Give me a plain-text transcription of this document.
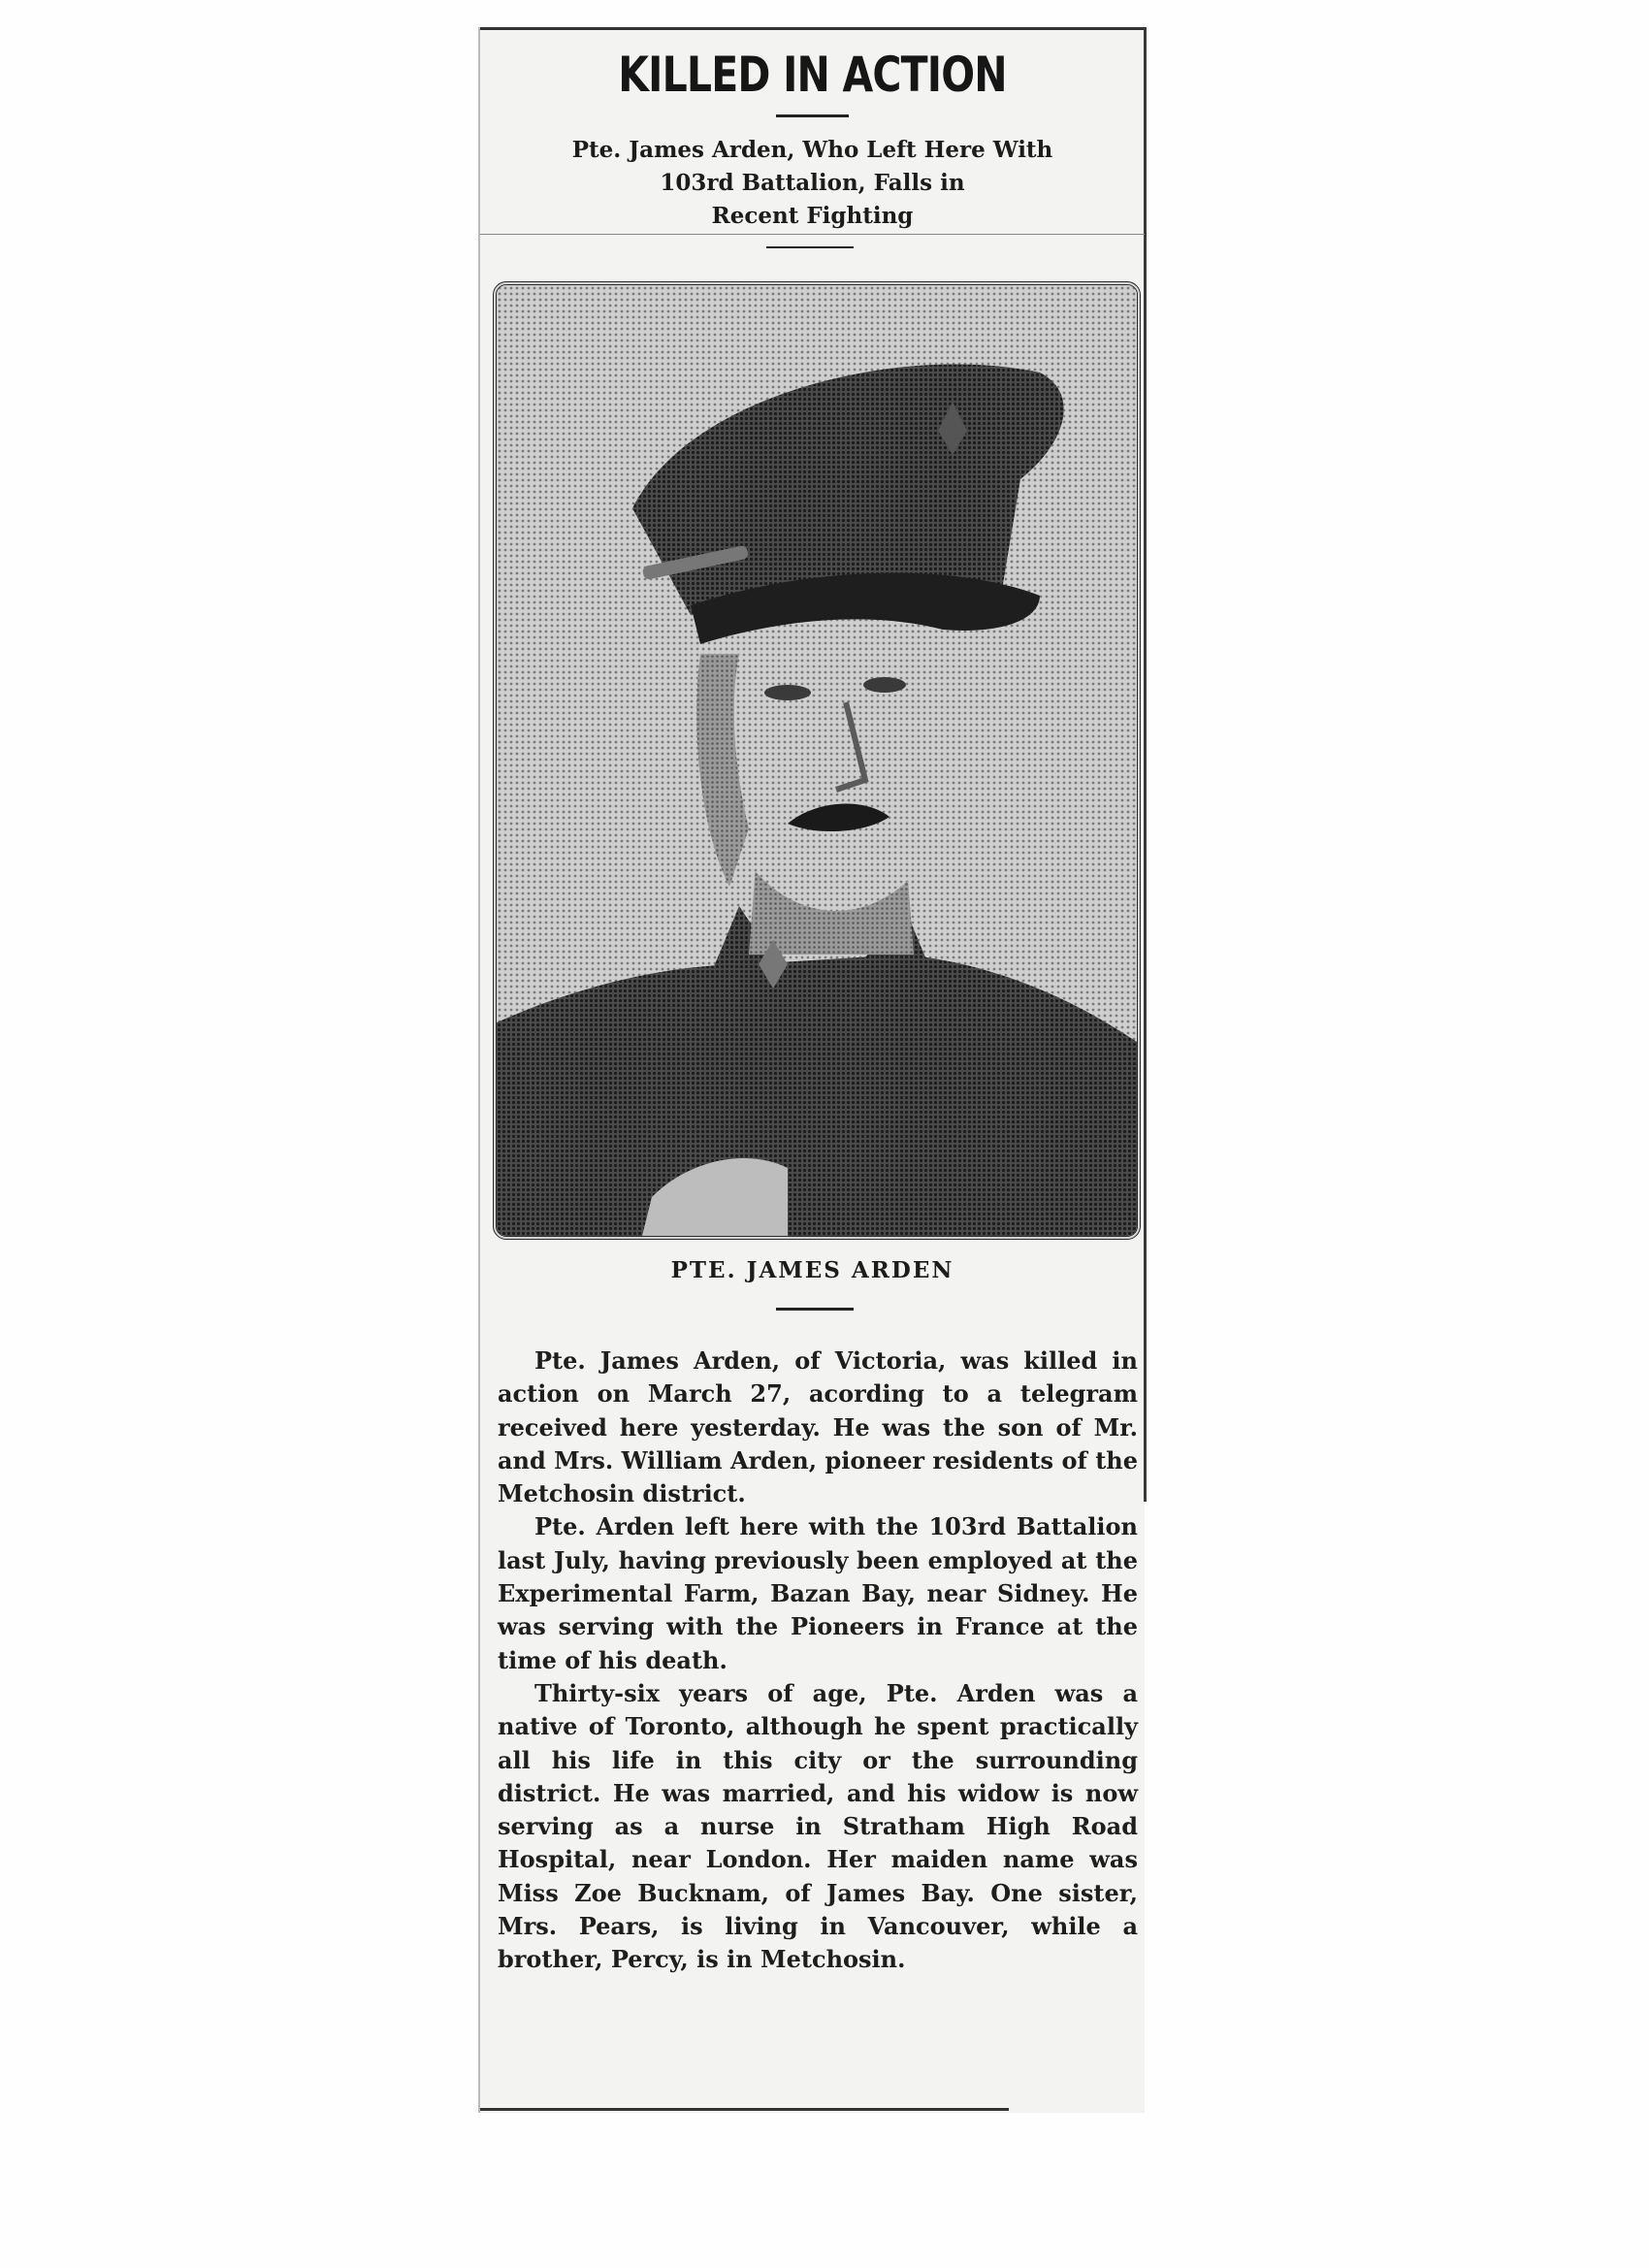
KILLED IN ACTION
Pte. James Arden, Who Left Here With
103rd Battalion, Falls in
Recent Fighting
PTE. JAMES ARDEN

Pte. James Arden, of Victoria, was killed in action on March 27, acording to a telegram received here yesterday. He was the son of Mr. and Mrs. William Arden, pioneer residents of the Metchosin district.

Pte. Arden left here with the 103rd Battalion last July, having previously been employed at the Experimental Farm, Bazan Bay, near Sidney. He was serving with the Pioneers in France at the time of his death.

Thirty-six years of age, Pte. Arden was a native of Toronto, although he spent practically all his life in this city or the surrounding district. He was married, and his widow is now serving as a nurse in Stratham High Road Hospital, near London. Her maiden name was Miss Zoe Bucknam, of James Bay. One sister, Mrs. Pears, is living in Vancouver, while a brother, Percy, is in Metchosin.
